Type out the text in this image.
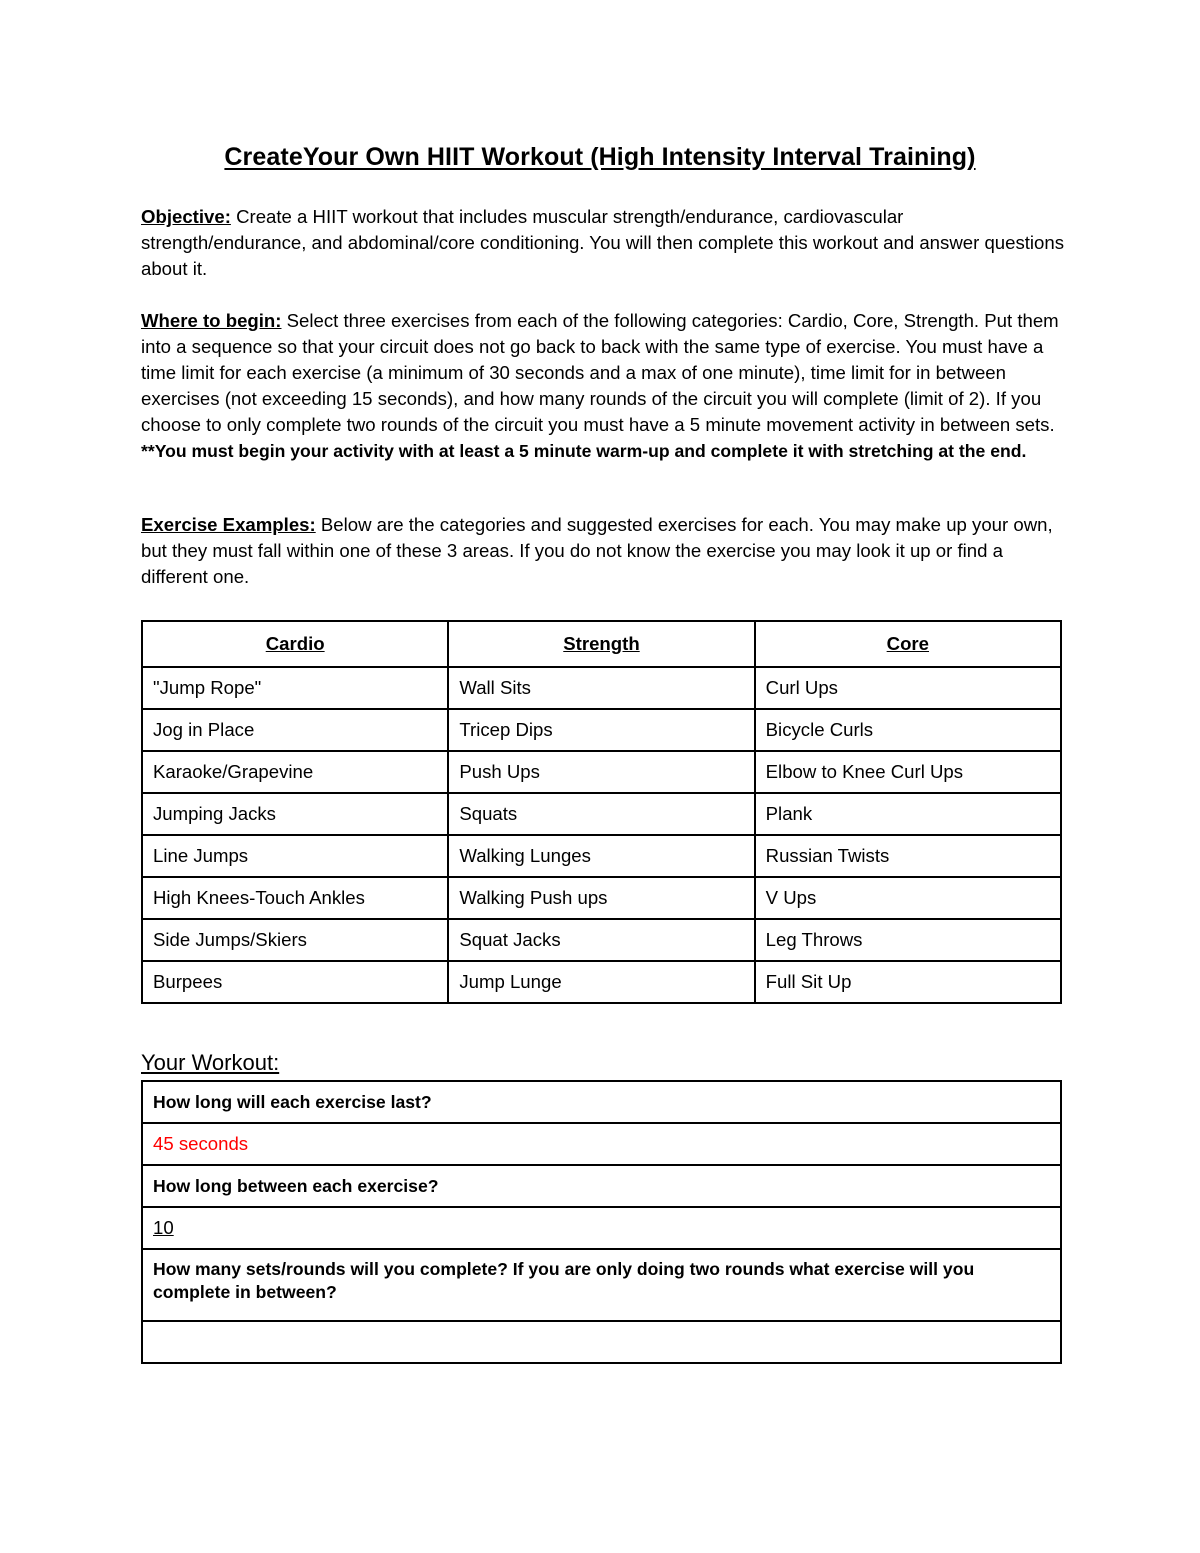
CreateYour Own HIIT Workout (High Intensity Interval Training)
Objective: Create a HIIT workout that includes muscular strength/endurance, cardiovascular strength/endurance, and abdominal/core conditioning. You will then complete this workout and answer questions about it.
Where to begin: Select three exercises from each of the following categories: Cardio, Core, Strength. Put them into a sequence so that your circuit does not go back to back with the same type of exercise. You must have a time limit for each exercise (a minimum of 30 seconds and a max of one minute), time limit for in between exercises (not exceeding 15 seconds), and how many rounds of the circuit you will complete (limit of 2). If you choose to only complete two rounds of the circuit you must have a 5 minute movement activity in between sets.
**You must begin your activity with at least a 5 minute warm-up and complete it with stretching at the end.
Exercise Examples: Below are the categories and suggested exercises for each. You may make up your own, but they must fall within one of these 3 areas. If you do not know the exercise you may look it up or find a different one.
Cardio	Strength	Core
"Jump Rope"	Wall Sits	Curl Ups
Jog in Place	Tricep Dips	Bicycle Curls
Karaoke/Grapevine	Push Ups	Elbow to Knee Curl Ups
Jumping Jacks	Squats	Plank
Line Jumps	Walking Lunges	Russian Twists
High Knees-Touch Ankles	Walking Push ups	V Ups
Side Jumps/Skiers	Squat Jacks	Leg Throws
Burpees	Jump Lunge	Full Sit Up
Your Workout:
How long will each exercise last?
45 seconds
How long between each exercise?
10
How many sets/rounds will you complete? If you are only doing two rounds what exercise will you complete in between?
